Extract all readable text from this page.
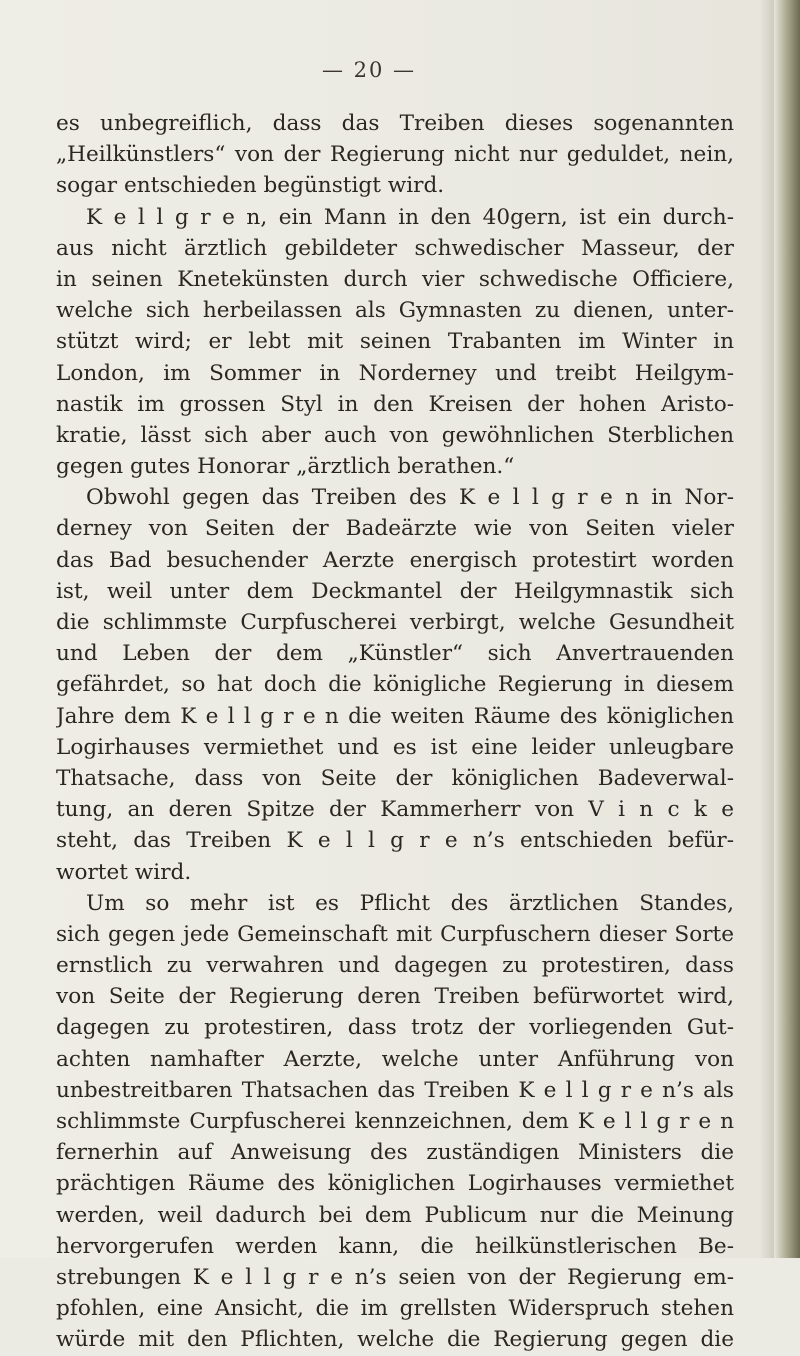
— 20 —
es unbegreiflich, dass das Treiben dieses sogenannten
„Heilkünstlers“ von der Regierung nicht nur geduldet, nein,
sogar entschieden begünstigt wird.
K e l l g r e n, ein Mann in den 40gern, ist ein durch-
aus nicht ärztlich gebildeter schwedischer Masseur, der
in seinen Knetekünsten durch vier schwedische Officiere,
welche sich herbeilassen als Gymnasten zu dienen, unter-
stützt wird; er lebt mit seinen Trabanten im Winter in
London, im Sommer in Norderney und treibt Heilgym-
nastik im grossen Styl in den Kreisen der hohen Aristo-
kratie, lässt sich aber auch von gewöhnlichen Sterblichen
gegen gutes Honorar „ärztlich berathen.“
Obwohl gegen das Treiben des K e l l g r e n in Nor-
derney von Seiten der Badeärzte wie von Seiten vieler
das Bad besuchender Aerzte energisch protestirt worden
ist, weil unter dem Deckmantel der Heilgymnastik sich
die schlimmste Curpfuscherei verbirgt, welche Gesundheit
und Leben der dem „Künstler“ sich Anvertrauenden
gefährdet, so hat doch die königliche Regierung in diesem
Jahre dem K e l l g r e n die weiten Räume des königlichen
Logirhauses vermiethet und es ist eine leider unleugbare
Thatsache, dass von Seite der königlichen Badeverwal-
tung, an deren Spitze der Kammerherr von V i n c k e
steht, das Treiben K e l l g r e n’s entschieden befür-
wortet wird.
Um so mehr ist es Pflicht des ärztlichen Standes,
sich gegen jede Gemeinschaft mit Curpfuschern dieser Sorte
ernstlich zu verwahren und dagegen zu protestiren, dass
von Seite der Regierung deren Treiben befürwortet wird,
dagegen zu protestiren, dass trotz der vorliegenden Gut-
achten namhafter Aerzte, welche unter Anführung von
unbestreitbaren Thatsachen das Treiben K e l l g r e n’s als
schlimmste Curpfuscherei kennzeichnen, dem K e l l g r e n
fernerhin auf Anweisung des zuständigen Ministers die
prächtigen Räume des königlichen Logirhauses vermiethet
werden, weil dadurch bei dem Publicum nur die Meinung
hervorgerufen werden kann, die heilkünstlerischen Be-
strebungen K e l l g r e n’s seien von der Regierung em-
pfohlen, eine Ansicht, die im grellsten Widerspruch stehen
würde mit den Pflichten, welche die Regierung gegen die
